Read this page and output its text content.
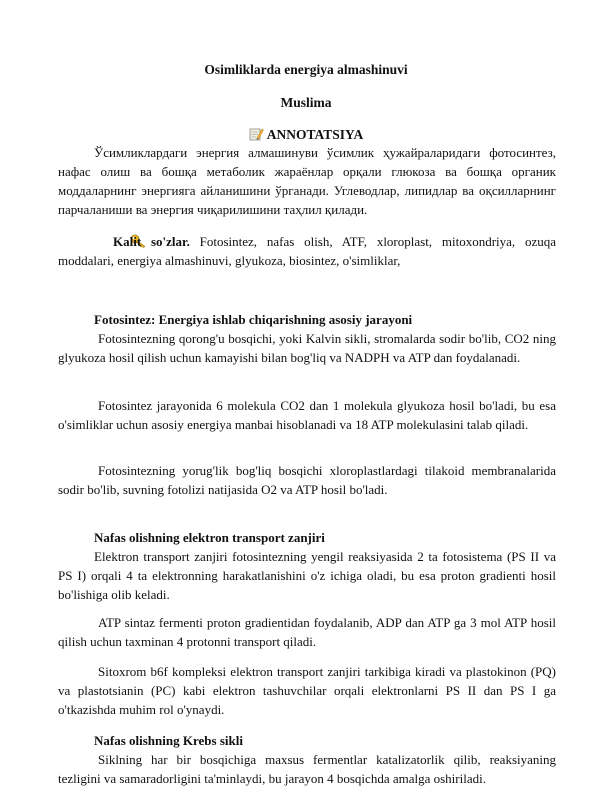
Osimliklarda energiya almashinuvi
Muslima
ANNOTATSIYA
Ўсимликлардаги энергия алмашинуви ўсимлик ҳужайраларидаги фотосинтез, нафас олиш ва бошқа метаболик жараёнлар орқали глюкоза ва бошқа органик моддаларнинг энергияга айланишини ўрганади. Углеводлар, липидлар ва оқсилларнинг парчаланиши ва энергия чиқарилишини таҳлил қилади.
Kalit so'zlar. Fotosintez, nafas olish, ATF, xloroplast, mitoxondriya, ozuqa moddalari, energiya almashinuvi, glyukoza, biosintez, o'simliklar,
Fotosintez: Energiya ishlab chiqarishning asosiy jarayoni
Fotosintezning qorong'u bosqichi, yoki Kalvin sikli, stromalarda sodir bo'lib, CO2 ning glyukoza hosil qilish uchun kamayishi bilan bog'liq va NADPH va ATP dan foydalanadi.
Fotosintez jarayonida 6 molekula CO2 dan 1 molekula glyukoza hosil bo'ladi, bu esa o'simliklar uchun asosiy energiya manbai hisoblanadi va 18 ATP molekulasini talab qiladi.
Fotosintezning yorug'lik bog'liq bosqichi xloroplastlardagi tilakoid membranalarida sodir bo'lib, suvning fotolizi natijasida O2 va ATP hosil bo'ladi.
Nafas olishning elektron transport zanjiri
Elektron transport zanjiri fotosintezning yengil reaksiyasida 2 ta fotosistema (PS II va PS I) orqali 4 ta elektronning harakatlanishini o'z ichiga oladi, bu esa proton gradienti hosil bo'lishiga olib keladi.
ATP sintaz fermenti proton gradientidan foydalanib, ADP dan ATP ga 3 mol ATP hosil qilish uchun taxminan 4 protonni transport qiladi.
Sitoxrom b6f kompleksi elektron transport zanjiri tarkibiga kiradi va plastokinon (PQ) va plastotsianin (PC) kabi elektron tashuvchilar orqali elektronlarni PS II dan PS I ga o'tkazishda muhim rol o'ynaydi.
Nafas olishning Krebs sikli
Siklning har bir bosqichiga maxsus fermentlar katalizatorlik qilib, reaksiyaning tezligini va samaradorligini ta'minlaydi, bu jarayon 4 bosqichda amalga oshiriladi.
